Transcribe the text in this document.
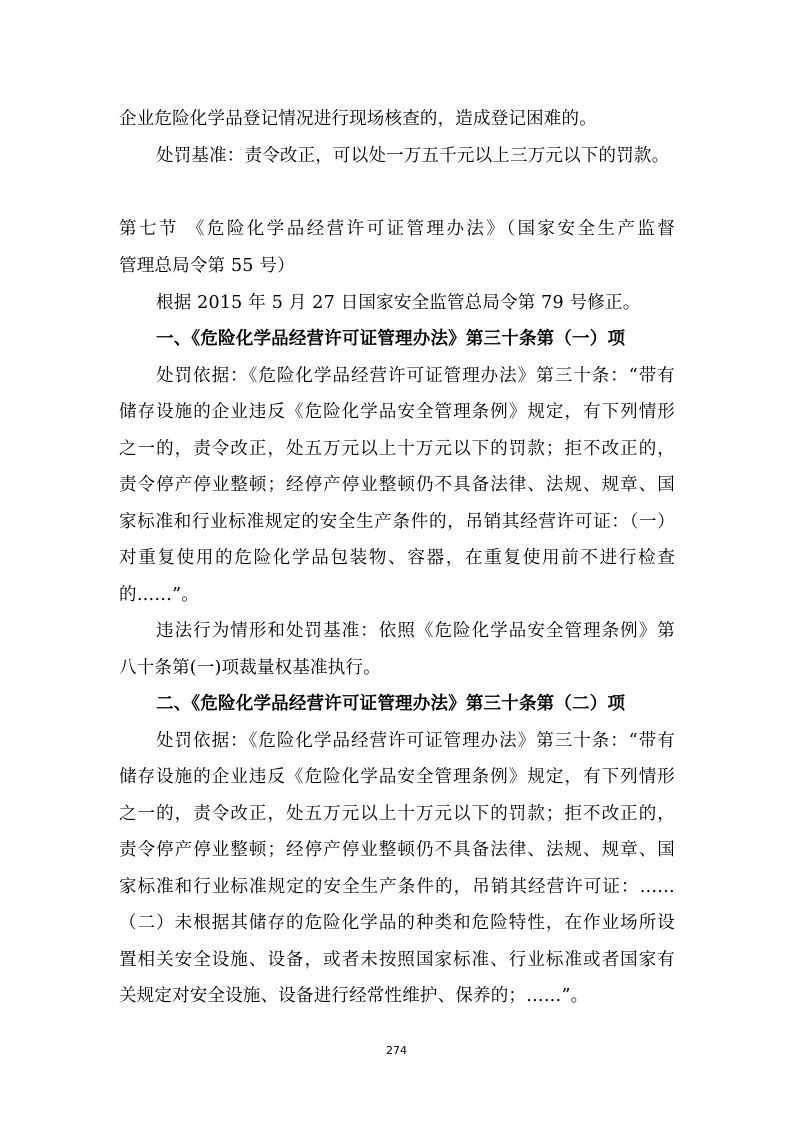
企业危险化学品登记情况进行现场核查的，造成登记困难的。
处罚基准：责令改正，可以处一万五千元以上三万元以下的罚款。
第七节 《危险化学品经营许可证管理办法》（国家安全生产监督
管理总局令第 55 号）
根据 2015 年 5 月 27 日国家安全监管总局令第 79 号修正。
一、《危险化学品经营许可证管理办法》第三十条第（一）项
处罚依据：《危险化学品经营许可证管理办法》第三十条：“带有
储存设施的企业违反《危险化学品安全管理条例》规定，有下列情形
之一的，责令改正，处五万元以上十万元以下的罚款；拒不改正的，
责令停产停业整顿；经停产停业整顿仍不具备法律、法规、规章、国
家标准和行业标准规定的安全生产条件的，吊销其经营许可证：（一）
对重复使用的危险化学品包装物、容器，在重复使用前不进行检查
的……”。
违法行为情形和处罚基准：依照《危险化学品安全管理条例》第
八十条第(一)项裁量权基准执行。
二、《危险化学品经营许可证管理办法》第三十条第（二）项
处罚依据：《危险化学品经营许可证管理办法》第三十条：“带有
储存设施的企业违反《危险化学品安全管理条例》规定，有下列情形
之一的，责令改正，处五万元以上十万元以下的罚款；拒不改正的，
责令停产停业整顿；经停产停业整顿仍不具备法律、法规、规章、国
家标准和行业标准规定的安全生产条件的，吊销其经营许可证：……
（二）未根据其储存的危险化学品的种类和危险特性，在作业场所设
置相关安全设施、设备，或者未按照国家标准、行业标准或者国家有
关规定对安全设施、设备进行经常性维护、保养的；……”。
274
